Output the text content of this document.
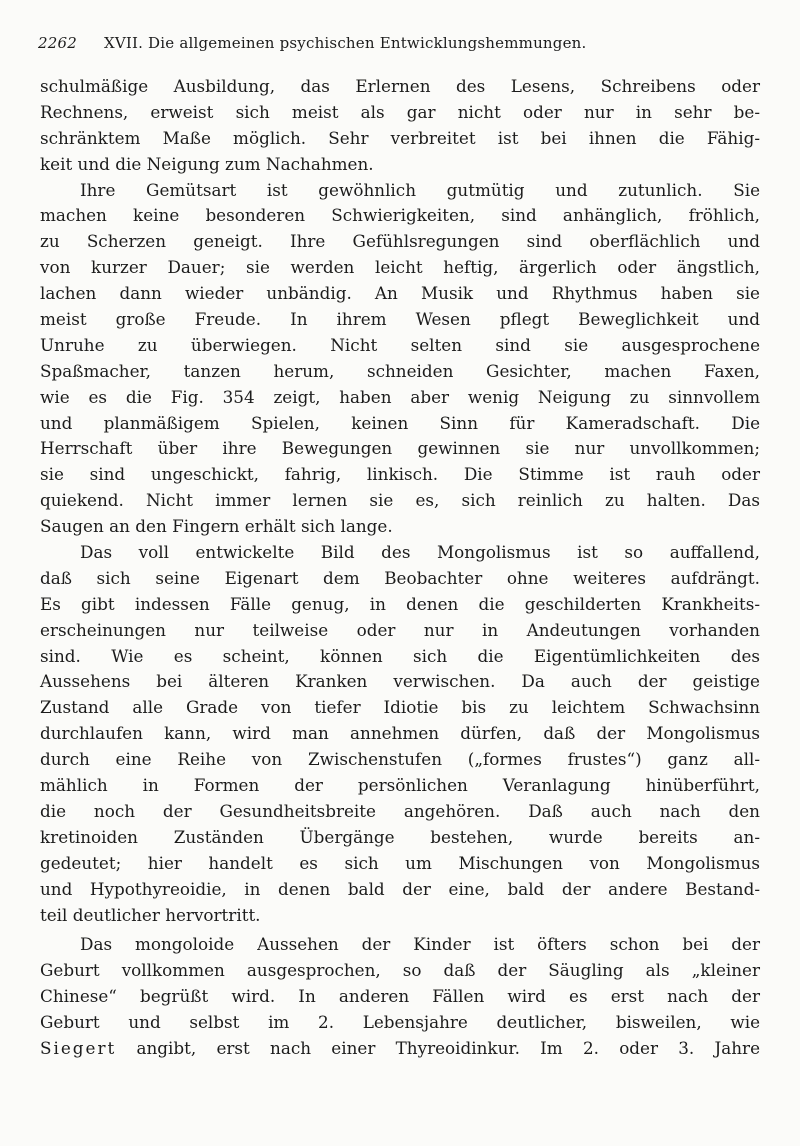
2262 XVII. Die allgemeinen psychischen Entwicklungshemmungen.
schulmäßige Ausbildung, das Erlernen des Lesens, Schreibens oder
Rechnens, erweist sich meist als gar nicht oder nur in sehr be-
schränktem Maße möglich. Sehr verbreitet ist bei ihnen die Fähig-
keit und die Neigung zum Nachahmen.
Ihre Gemütsart ist gewöhnlich gutmütig und zutunlich. Sie
machen keine besonderen Schwierigkeiten, sind anhänglich, fröhlich,
zu Scherzen geneigt. Ihre Gefühlsregungen sind oberflächlich und
von kurzer Dauer; sie werden leicht heftig, ärgerlich oder ängstlich,
lachen dann wieder unbändig. An Musik und Rhythmus haben sie
meist große Freude. In ihrem Wesen pflegt Beweglichkeit und
Unruhe zu überwiegen. Nicht selten sind sie ausgesprochene
Spaßmacher, tanzen herum, schneiden Gesichter, machen Faxen,
wie es die Fig. 354 zeigt, haben aber wenig Neigung zu sinnvollem
und planmäßigem Spielen, keinen Sinn für Kameradschaft. Die
Herrschaft über ihre Bewegungen gewinnen sie nur unvollkommen;
sie sind ungeschickt, fahrig, linkisch. Die Stimme ist rauh oder
quiekend. Nicht immer lernen sie es, sich reinlich zu halten. Das
Saugen an den Fingern erhält sich lange.
Das voll entwickelte Bild des Mongolismus ist so auffallend,
daß sich seine Eigenart dem Beobachter ohne weiteres aufdrängt.
Es gibt indessen Fälle genug, in denen die geschilderten Krankheits-
erscheinungen nur teilweise oder nur in Andeutungen vorhanden
sind. Wie es scheint, können sich die Eigentümlichkeiten des
Aussehens bei älteren Kranken verwischen. Da auch der geistige
Zustand alle Grade von tiefer Idiotie bis zu leichtem Schwachsinn
durchlaufen kann, wird man annehmen dürfen, daß der Mongolismus
durch eine Reihe von Zwischenstufen („formes frustes“) ganz all-
mählich in Formen der persönlichen Veranlagung hinüberführt,
die noch der Gesundheitsbreite angehören. Daß auch nach den
kretinoiden Zuständen Übergänge bestehen, wurde bereits an-
gedeutet; hier handelt es sich um Mischungen von Mongolismus
und Hypothyreoidie, in denen bald der eine, bald der andere Bestand-
teil deutlicher hervortritt.
Das mongoloide Aussehen der Kinder ist öfters schon bei der
Geburt vollkommen ausgesprochen, so daß der Säugling als „kleiner
Chinese“ begrüßt wird. In anderen Fällen wird es erst nach der
Geburt und selbst im 2. Lebensjahre deutlicher, bisweilen, wie
Siegert angibt, erst nach einer Thyreoidinkur. Im 2. oder 3. Jahre
